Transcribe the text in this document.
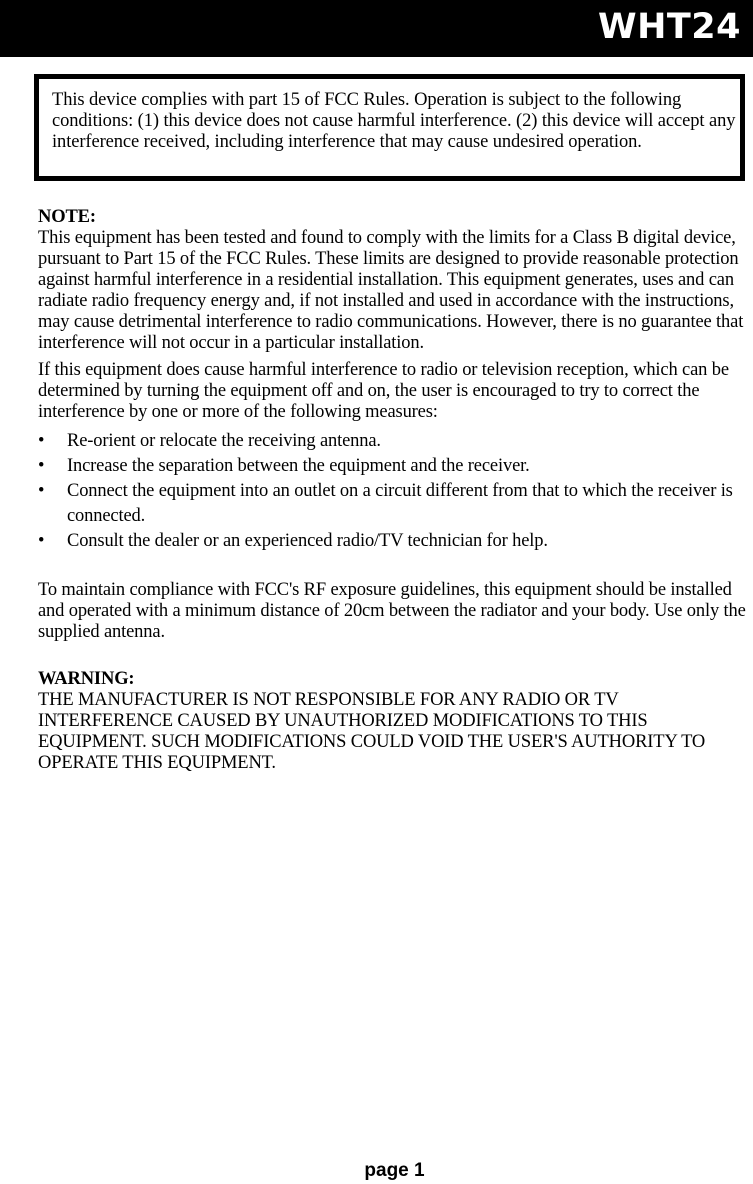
WHT24
This device complies with part 15 of FCC Rules. Operation is subject to the following conditions: (1) this device does not cause harmful interference. (2) this device will accept any interference received, including interference that may cause undesired operation.

NOTE:

This equipment has been tested and found to comply with the limits for a Class B digital device, pursuant to Part 15 of the FCC Rules. These limits are designed to provide reasonable protection against harmful interference in a residential installation. This equipment generates, uses and can radiate radio frequency energy and, if not installed and used in accordance with the instructions, may cause detrimental interference to radio communications. However, there is no guarantee that interference will not occur in a particular installation.

If this equipment does cause harmful interference to radio or television reception, which can be determined by turning the equipment off and on, the user is encouraged to try to correct the interference by one or more of the following measures:

• Re-orient or relocate the receiving antenna.
• Increase the separation between the equipment and the receiver.
• Connect the equipment into an outlet on a circuit different from that to which the receiver is connected.
• Consult the dealer or an experienced radio/TV technician for help.

To maintain compliance with FCC's RF exposure guidelines, this equipment should be installed and operated with a minimum distance of 20cm between the radiator and your body. Use only the supplied antenna.

WARNING:

THE MANUFACTURER IS NOT RESPONSIBLE FOR ANY RADIO OR TV INTERFERENCE CAUSED BY UNAUTHORIZED MODIFICATIONS TO THIS EQUIPMENT. SUCH MODIFICATIONS COULD VOID THE USER'S AUTHORITY TO OPERATE THIS EQUIPMENT.

page 1
